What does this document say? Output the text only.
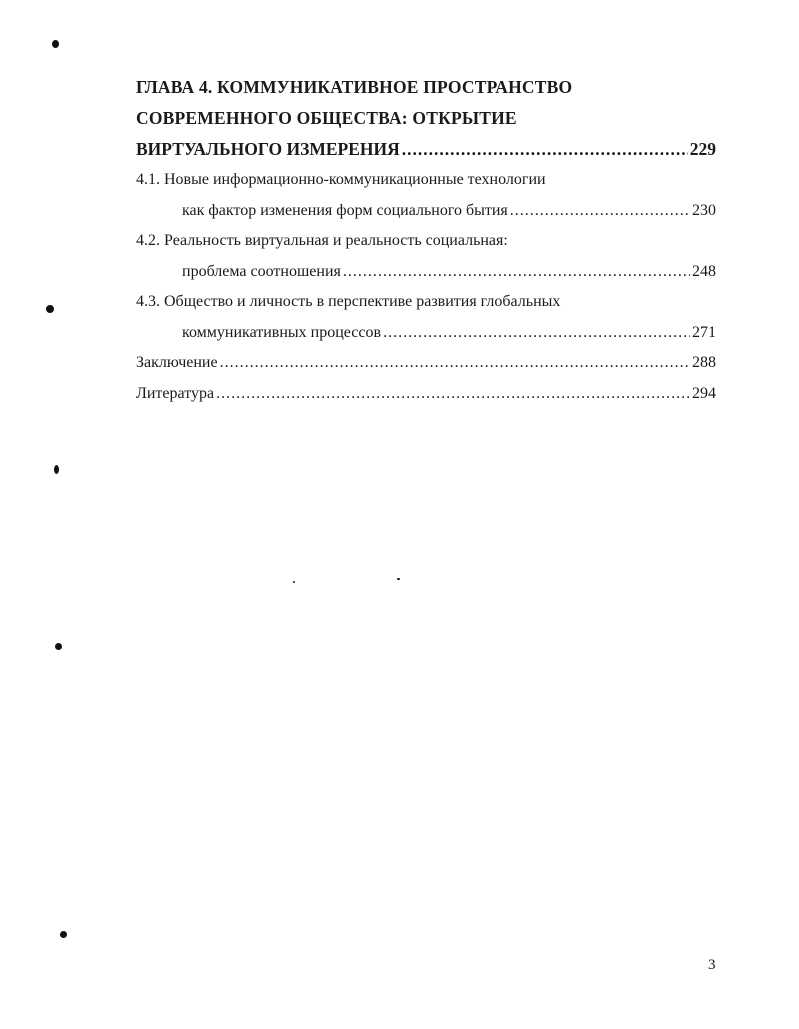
ГЛАВА 4. КОММУНИКАТИВНОЕ ПРОСТРАНСТВО
СОВРЕМЕННОГО ОБЩЕСТВА: ОТКРЫТИЕ
ВИРТУАЛЬНОГО ИЗМЕРЕНИЯ .....	229
4.1. Новые информационно-коммуникационные технологии
как фактор изменения форм социального бытия .....	230
4.2. Реальность виртуальная и реальность социальная:
проблема соотношения .....	248
4.3. Общество и личность в перспективе развития глобальных
коммуникативных процессов .....	271
Заключение .....	288
Литература .....	294
3
